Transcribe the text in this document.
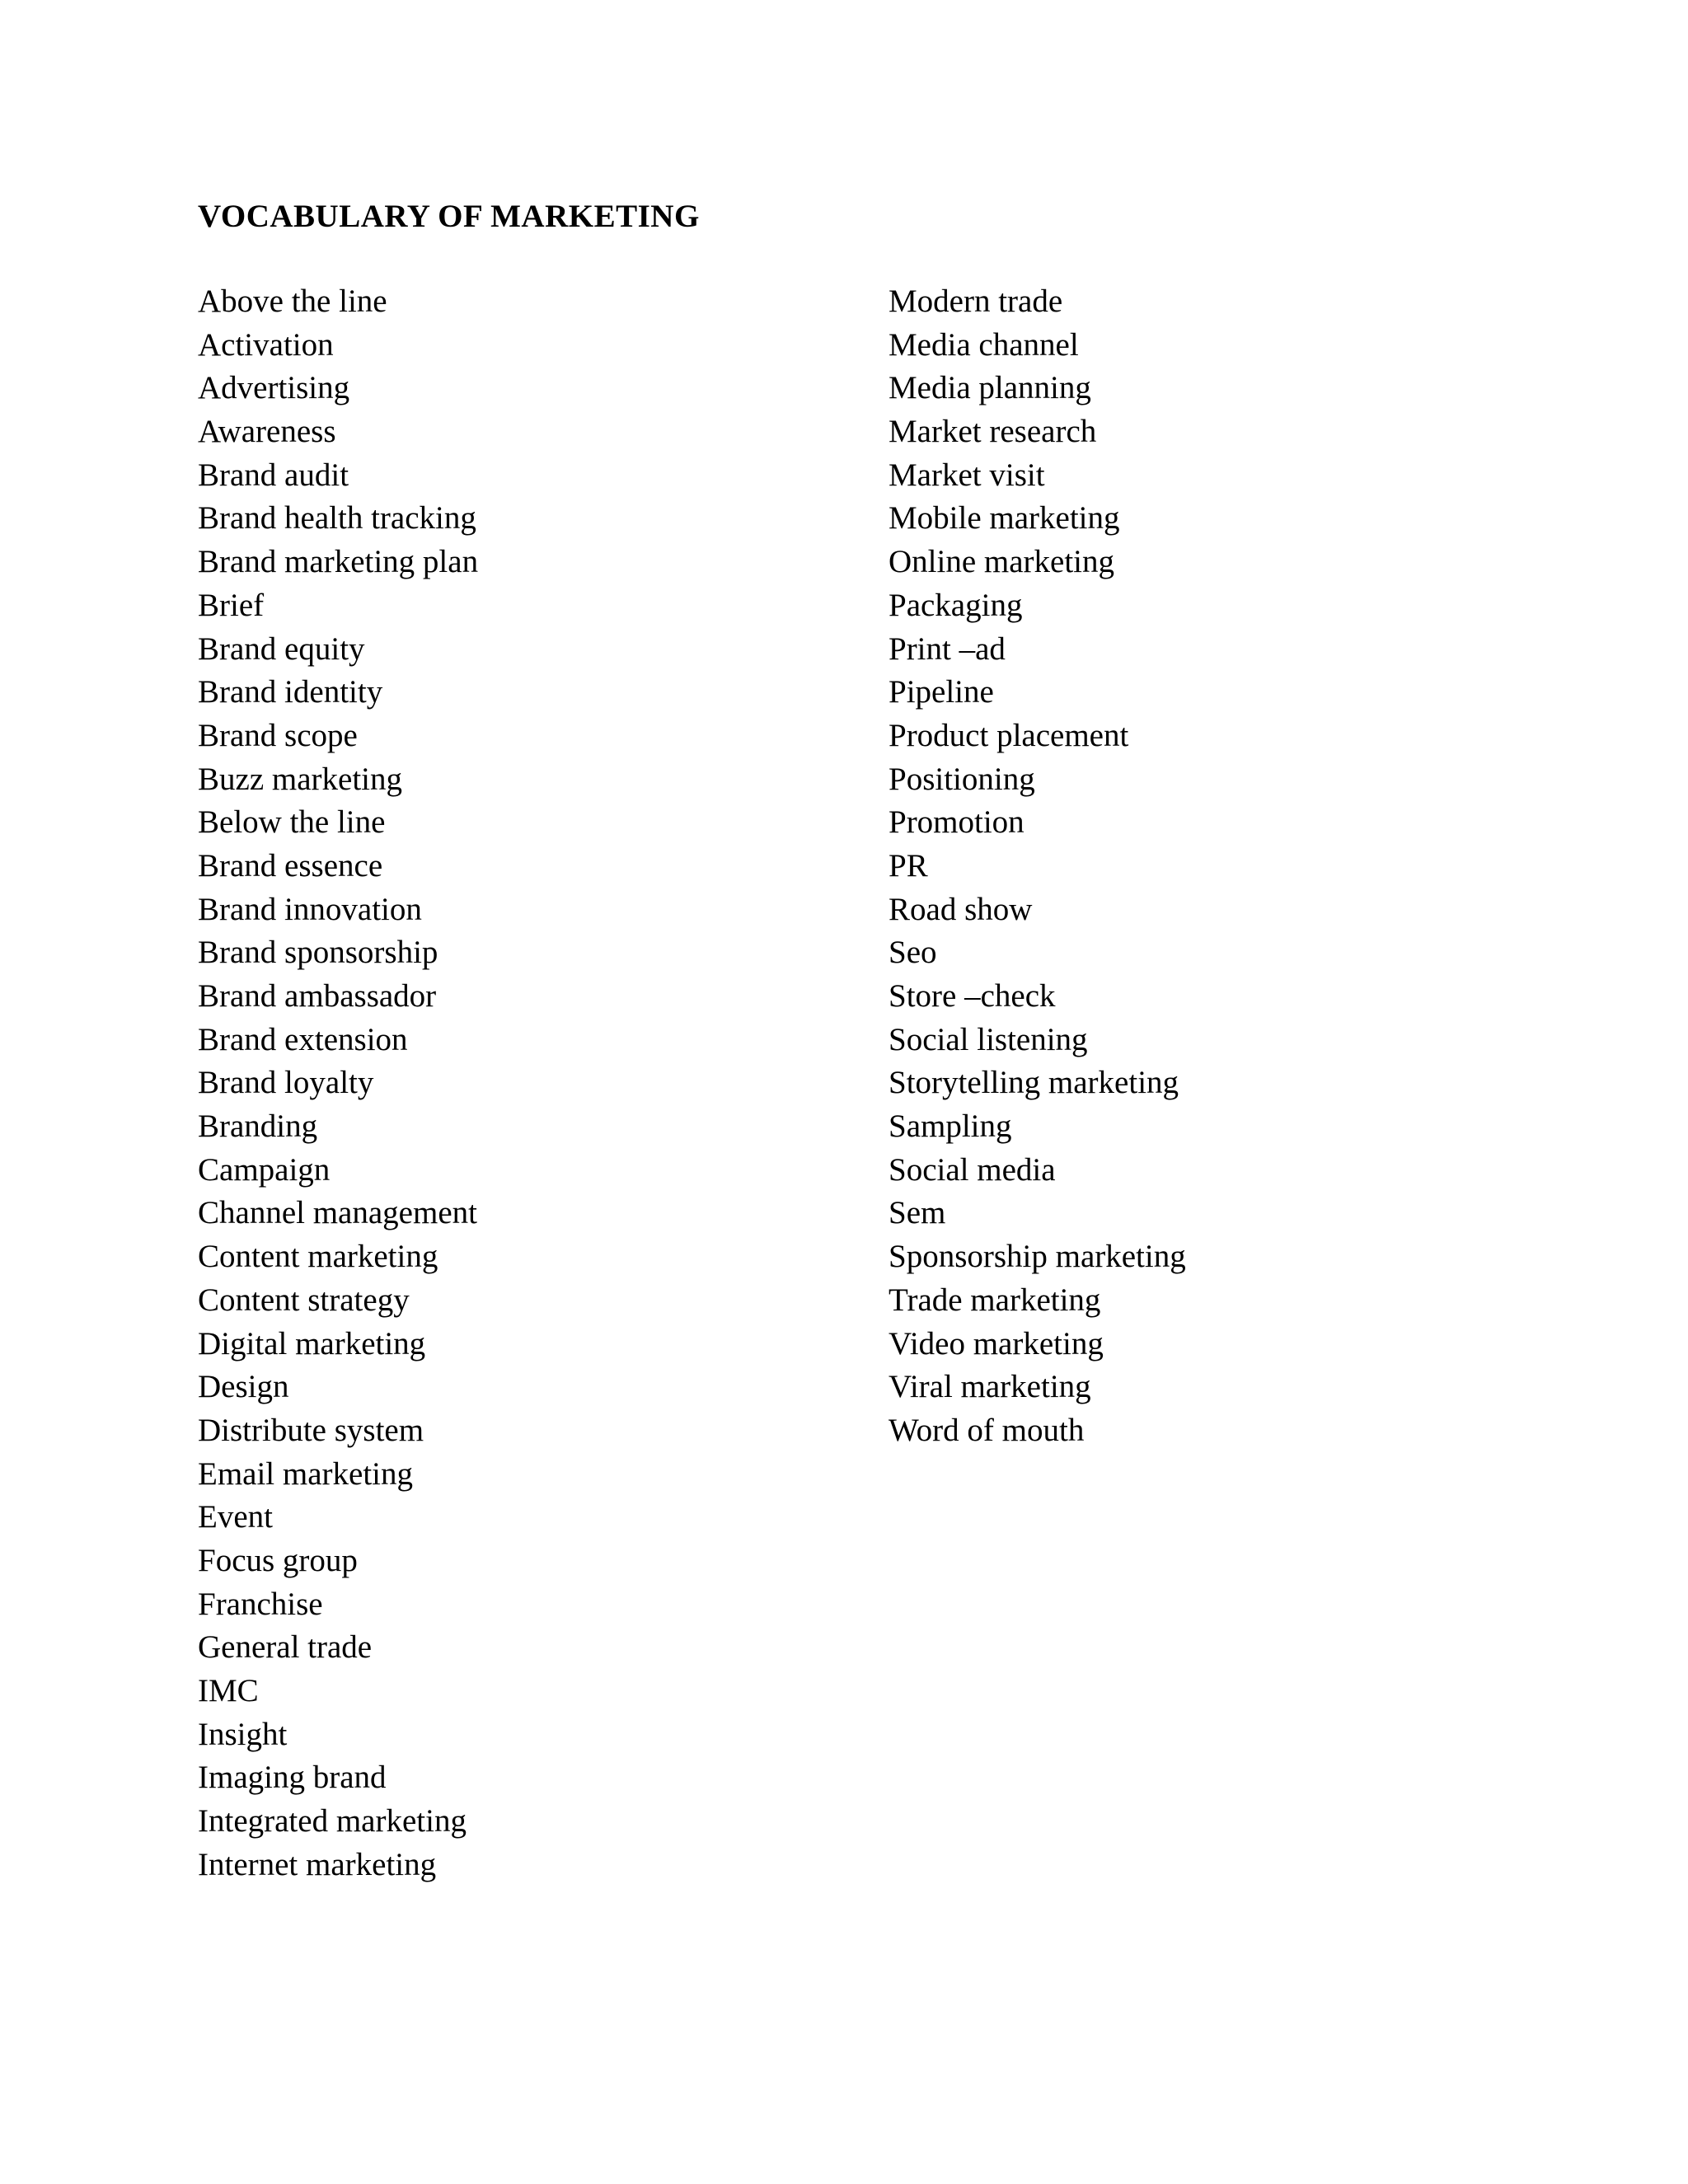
VOCABULARY OF MARKETING
Above the line
Activation
Advertising
Awareness
Brand audit
Brand health tracking
Brand marketing plan
Brief
Brand equity
Brand identity
Brand scope
Buzz marketing
Below the line
Brand essence
Brand innovation
Brand sponsorship
Brand ambassador
Brand extension
Brand loyalty
Branding
Campaign
Channel management
Content marketing
Content strategy
Digital marketing
Design
Distribute system
Email marketing
Event
Focus group
Franchise
General trade
IMC
Insight
Imaging brand
Integrated marketing
Internet marketing
Modern trade
Media channel
Media planning
Market research
Market visit
Mobile marketing
Online marketing
Packaging
Print –ad
Pipeline
Product placement
Positioning
Promotion
PR
Road show
Seo
Store –check
Social listening
Storytelling marketing
Sampling
Social media
Sem
Sponsorship marketing
Trade marketing
Video marketing
Viral marketing
Word of mouth
